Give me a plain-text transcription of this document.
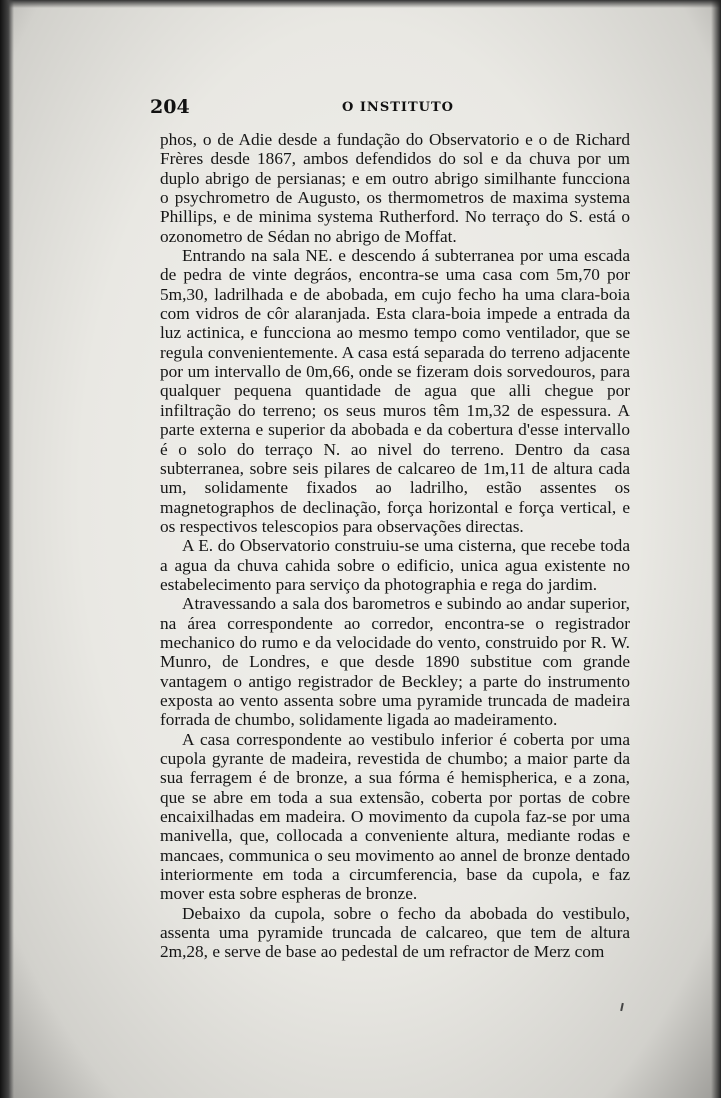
204	O INSTITUTO

phos, o de Adie desde a fundação do Observatorio e o de Richard Frères desde 1867, ambos defendidos do sol e da chuva por um duplo abrigo de persianas; e em outro abrigo similhante funcciona o psychrometro de Augusto, os thermometros de maxima systema Phillips, e de minima systema Rutherford. No terraço do S. está o ozonometro de Sédan no abrigo de Moffat.

Entrando na sala NE. e descendo á subterranea por uma escada de pedra de vinte degráos, encontra-se uma casa com 5m,70 por 5m,30, ladrilhada e de abobada, em cujo fecho ha uma clara-boia com vidros de côr alaranjada. Esta clara-boia impede a entrada da luz actinica, e funcciona ao mesmo tempo como ventilador, que se regula convenientemente. A casa está separada do terreno adjacente por um intervallo de 0m,66, onde se fizeram dois sorvedouros, para qualquer pequena quantidade de agua que alli chegue por infiltração do terreno; os seus muros têm 1m,32 de espessura. A parte externa e superior da abobada e da cobertura d'esse intervallo é o solo do terraço N. ao nivel do terreno. Dentro da casa subterranea, sobre seis pilares de calcareo de 1m,11 de altura cada um, solidamente fixados ao ladrilho, estão assentes os magnetographos de declinação, força horizontal e força vertical, e os respectivos telescopios para observações directas.

A E. do Observatorio construiu-se uma cisterna, que recebe toda a agua da chuva cahida sobre o edificio, unica agua existente no estabelecimento para serviço da photographia e rega do jardim.

Atravessando a sala dos barometros e subindo ao andar superior, na área correspondente ao corredor, encontra-se o registrador mechanico do rumo e da velocidade do vento, construido por R. W. Munro, de Londres, e que desde 1890 substitue com grande vantagem o antigo registrador de Beckley; a parte do instrumento exposta ao vento assenta sobre uma pyramide truncada de madeira forrada de chumbo, solidamente ligada ao madeiramento.

A casa correspondente ao vestibulo inferior é coberta por uma cupola gyrante de madeira, revestida de chumbo; a maior parte da sua ferragem é de bronze, a sua fórma é hemispherica, e a zona, que se abre em toda a sua extensão, coberta por portas de cobre encaixilhadas em madeira. O movimento da cupola faz-se por uma manivella, que, collocada a conveniente altura, mediante rodas e mancaes, communica o seu movimento ao annel de bronze dentado interiormente em toda a circumferencia, base da cupola, e faz mover esta sobre espheras de bronze.

Debaixo da cupola, sobre o fecho da abobada do vestibulo, assenta uma pyramide truncada de calcareo, que tem de altura 2m,28, e serve de base ao pedestal de um refractor de Merz com
